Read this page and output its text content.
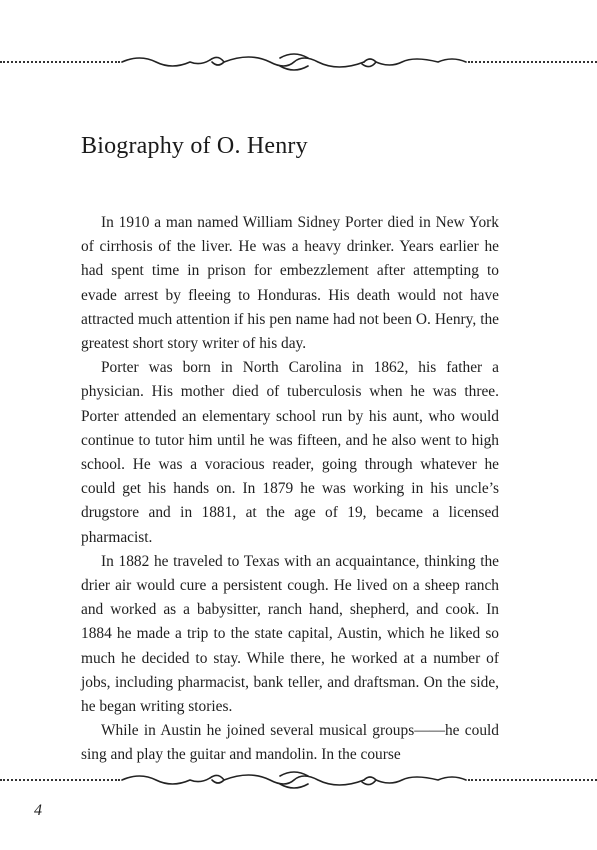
Biography of O. Henry

In 1910 a man named William Sidney Porter died in New York of cirrhosis of the liver. He was a heavy drinker. Years earlier he had spent time in prison for embezzlement after attempting to evade arrest by fleeing to Honduras. His death would not have attracted much attention if his pen name had not been O. Henry, the greatest short story writer of his day.

Porter was born in North Carolina in 1862, his father a physician. His mother died of tuberculosis when he was three. Porter attended an elementary school run by his aunt, who would continue to tutor him until he was fifteen, and he also went to high school. He was a voracious reader, going through whatever he could get his hands on. In 1879 he was working in his uncle’s drugstore and in 1881, at the age of 19, became a licensed pharmacist.

In 1882 he traveled to Texas with an acquaintance, thinking the drier air would cure a persistent cough. He lived on a sheep ranch and worked as a babysitter, ranch hand, shepherd, and cook. In 1884 he made a trip to the state capital, Austin, which he liked so much he decided to stay. While there, he worked at a number of jobs, including pharmacist, bank teller, and draftsman. On the side, he began writing stories.

While in Austin he joined several musical groups——he could sing and play the guitar and mandolin. In the course

4
